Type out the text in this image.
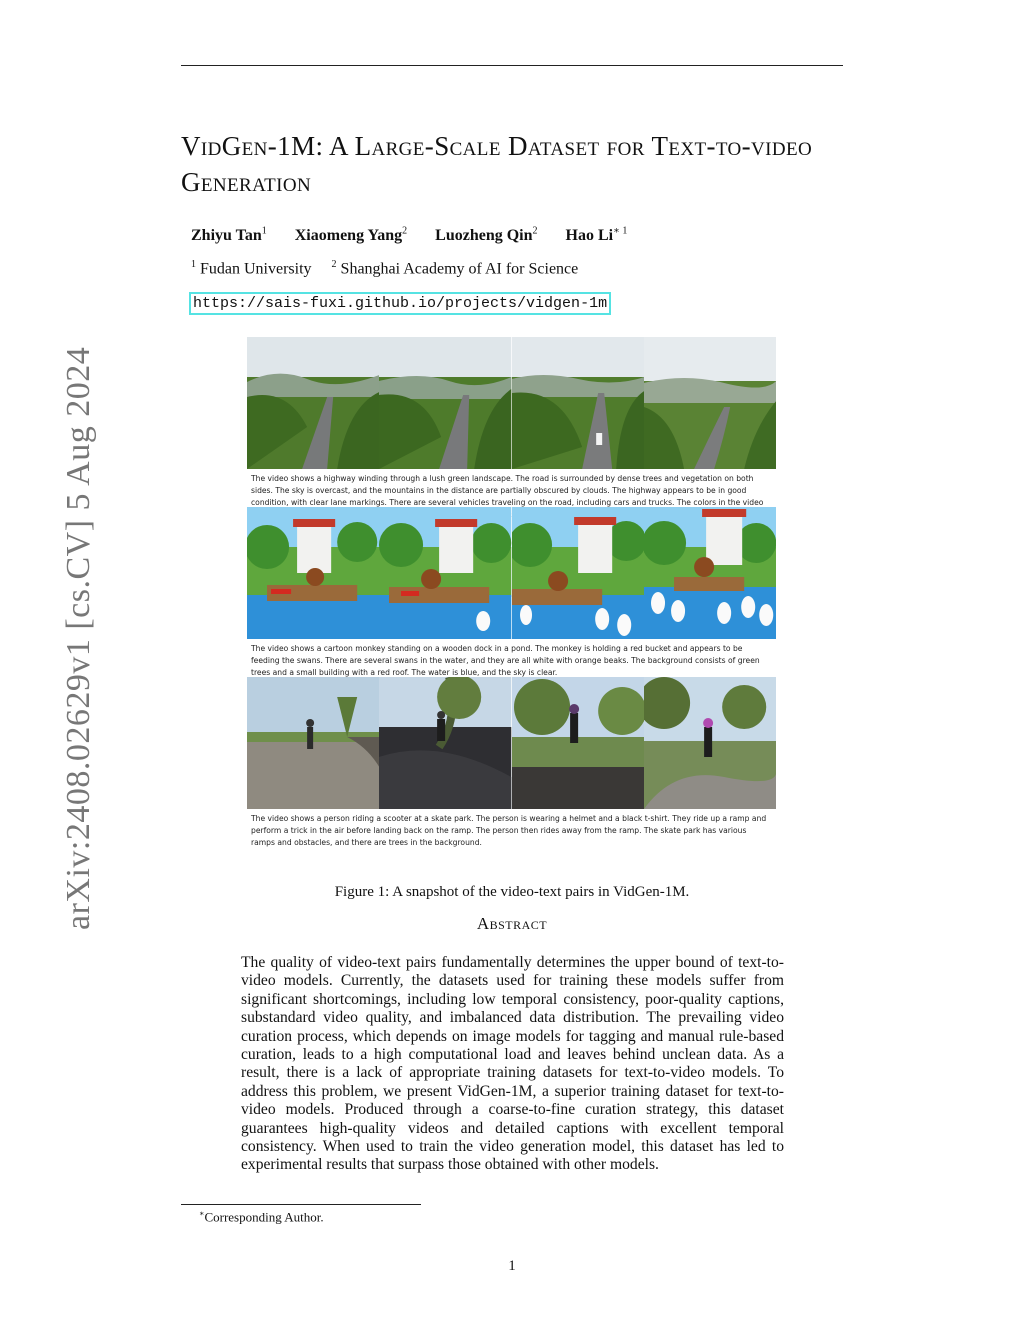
arXiv:2408.02629v1 [cs.CV] 5 Aug 2024
VidGen-1M: A Large-Scale Dataset for Text-to-video Generation
Zhiyu Tan$^1$ Xiaomeng Yang$^2$ Luozheng Qin$^2$ Hao $Li^{∗ 1}$
$^1$ Fudan University $^2$ Shanghai Academy of AI for Science
https://sais-fuxi.github.io/projects/vidgen-1m
The video shows a highway winding through a lush green landscape. The road is surrounded by dense trees and vegetation on both sides. The sky is overcast, and the mountains in the distance are partially obscured by clouds. The highway appears to be in good condition, with clear lane markings. There are several vehicles traveling on the road, including cars and trucks. The colors in the video
The video shows a cartoon monkey standing on a wooden dock in a pond. The monkey is holding a red bucket and appears to be feeding the swans. There are several swans in the water, and they are all white with orange beaks. The background consists of green trees and a small building with a red roof. The water is blue, and the sky is clear.
The video shows a person riding a scooter at a skate park. The person is wearing a helmet and a black t-shirt. They ride up a ramp and perform a trick in the air before landing back on the ramp. The person then rides away from the ramp. The skate park has various ramps and obstacles, and there are trees in the background.
Figure 1: A snapshot of the video-text pairs in VidGen-1M.
Abstract
The quality of video-text pairs fundamentally determines the upper bound of text-to-video models. Currently, the datasets used for training these models suffer from significant shortcomings, including low temporal consistency, poor-quality captions, substandard video quality, and imbalanced data distribution. The prevailing video curation process, which depends on image models for tagging and manual rule-based curation, leads to a high computational load and leaves behind unclean data. As a result, there is a lack of appropriate training datasets for text-to-video models. To address this problem, we present VidGen-1M, a superior training dataset for text-to-video models. Produced through a coarse-to-fine curation strategy, this dataset guarantees high-quality videos and detailed captions with excellent temporal consistency. When used to train the video generation model, this dataset has led to experimental results that surpass those obtained with other models.
∗Corresponding Author.
1
